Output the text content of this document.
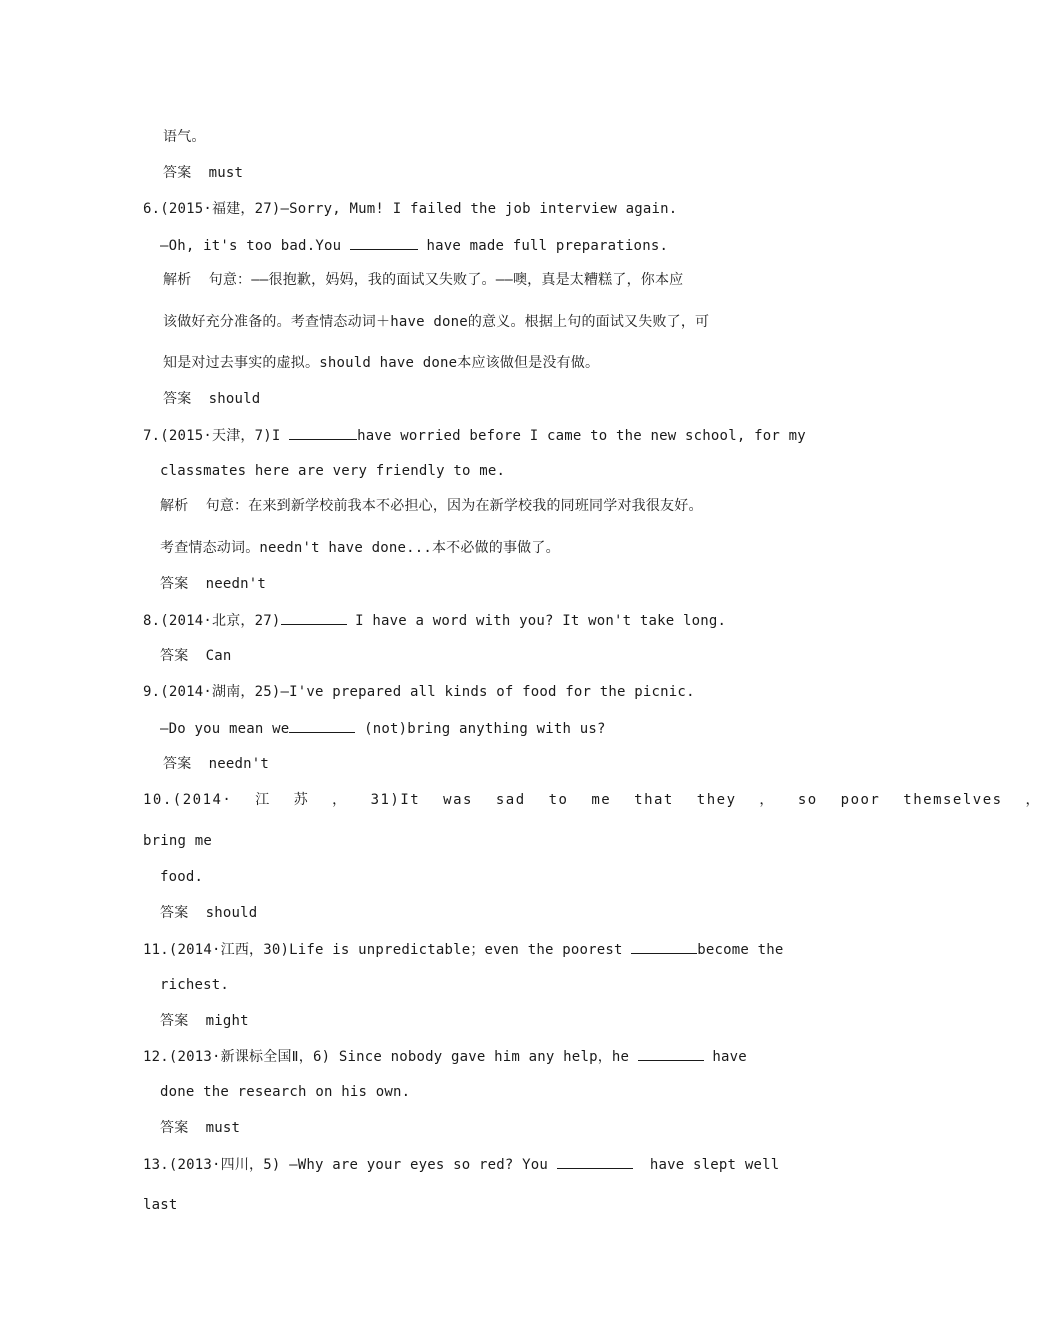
语气。
答案  must
6.(2015·福建，27)—Sorry, Mum! I failed the job interview again.
—Oh, it's too bad.You	have made full preparations.
解析  句意：——很抱歉，妈妈，我的面试又失败了。——噢，真是太糟糕了，你本应
该做好充分准备的。考查情态动词＋have done的意义。根据上句的面试又失败了，可
知是对过去事实的虚拟。should have done本应该做但是没有做。
答案  should
7.(2015·天津，7)I	have worried before I came to the new school, for my
classmates here are very friendly to me.
解析  句意：在来到新学校前我本不必担心，因为在新学校我的同班同学对我很友好。
考查情态动词。needn't have done...本不必做的事做了。
答案  needn't
8.(2014·北京，27)	I have a word with you? It won't take long.
答案  Can
9.(2014·湖南，25)—I've prepared all kinds of food for the picnic.
—Do you mean we	(not)bring anything with us?
答案  needn't
10.(2014· 江 苏 ， 31)It was sad to me that they ， so poor themselves ，
bring me
food.
答案  should
11.(2014·江西，30)Life is unpredictable；even the poorest	become the
richest.
答案  might
12.(2013·新课标全国Ⅱ，6) Since nobody gave him any help，he	have
done the research on his own.
答案  must
13.(2013·四川，5) —Why are your eyes so red? You	have slept well
last
